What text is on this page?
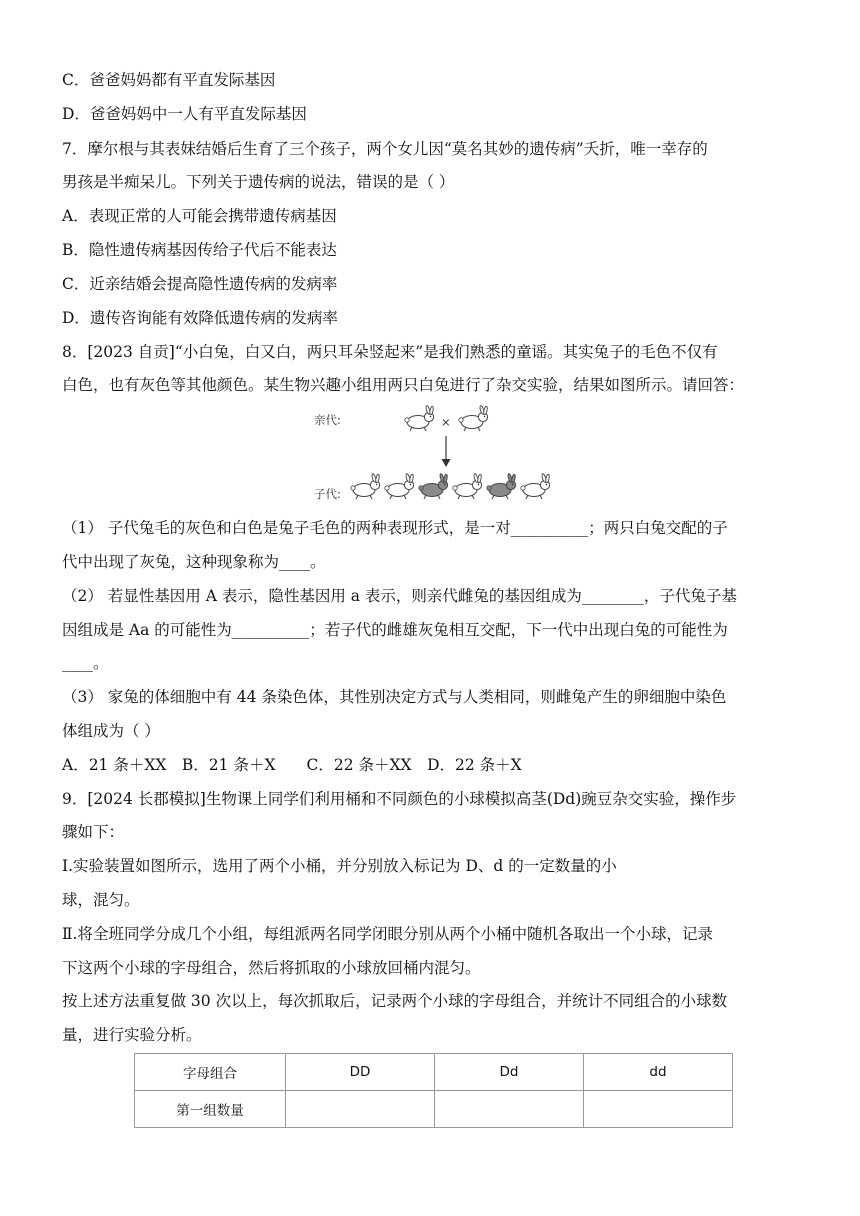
C．爸爸妈妈都有平直发际基因
D．爸爸妈妈中一人有平直发际基因
7．摩尔根与其表妹结婚后生育了三个孩子，两个女儿因“莫名其妙的遗传病”夭折，唯一幸存的
男孩是半痴呆儿。下列关于遗传病的说法，错误的是（ ）
A．表现正常的人可能会携带遗传病基因
B．隐性遗传病基因传给子代后不能表达
C．近亲结婚会提高隐性遗传病的发病率
D．遗传咨询能有效降低遗传病的发病率
8．[2023 自贡]“小白兔，白又白，两只耳朵竖起来”是我们熟悉的童谣。其实兔子的毛色不仅有
白色，也有灰色等其他颜色。某生物兴趣小组用两只白兔进行了杂交实验，结果如图所示。请回答：
亲代:	×
子代:
（1） 子代兔毛的灰色和白色是兔子毛色的两种表现形式，是一对__________；两只白兔交配的子
代中出现了灰兔，这种现象称为____。
（2） 若显性基因用 A 表示，隐性基因用 a 表示，则亲代雌兔的基因组成为________，子代兔子基
因组成是 Aa 的可能性为__________；若子代的雌雄灰兔相互交配，下一代中出现白兔的可能性为
____。
（3） 家兔的体细胞中有 44 条染色体，其性别决定方式与人类相同，则雌兔产生的卵细胞中染色
体组成为（ ）
A．21 条＋XX　B．21 条＋X　　C．22 条＋XX　D．22 条＋X
9．[2024 长郡模拟]生物课上同学们利用桶和不同颜色的小球模拟高茎(Dd)豌豆杂交实验，操作步
骤如下：
Ⅰ.实验装置如图所示，选用了两个小桶，并分别放入标记为 D、d 的一定数量的小
球，混匀。
Ⅱ.将全班同学分成几个小组，每组派两名同学闭眼分别从两个小桶中随机各取出一个小球，记录
下这两个小球的字母组合，然后将抓取的小球放回桶内混匀。
按上述方法重复做 30 次以上，每次抓取后，记录两个小球的字母组合，并统计不同组合的小球数
量，进行实验分析。
字母组合	DD	Dd	dd
第一组数量			
